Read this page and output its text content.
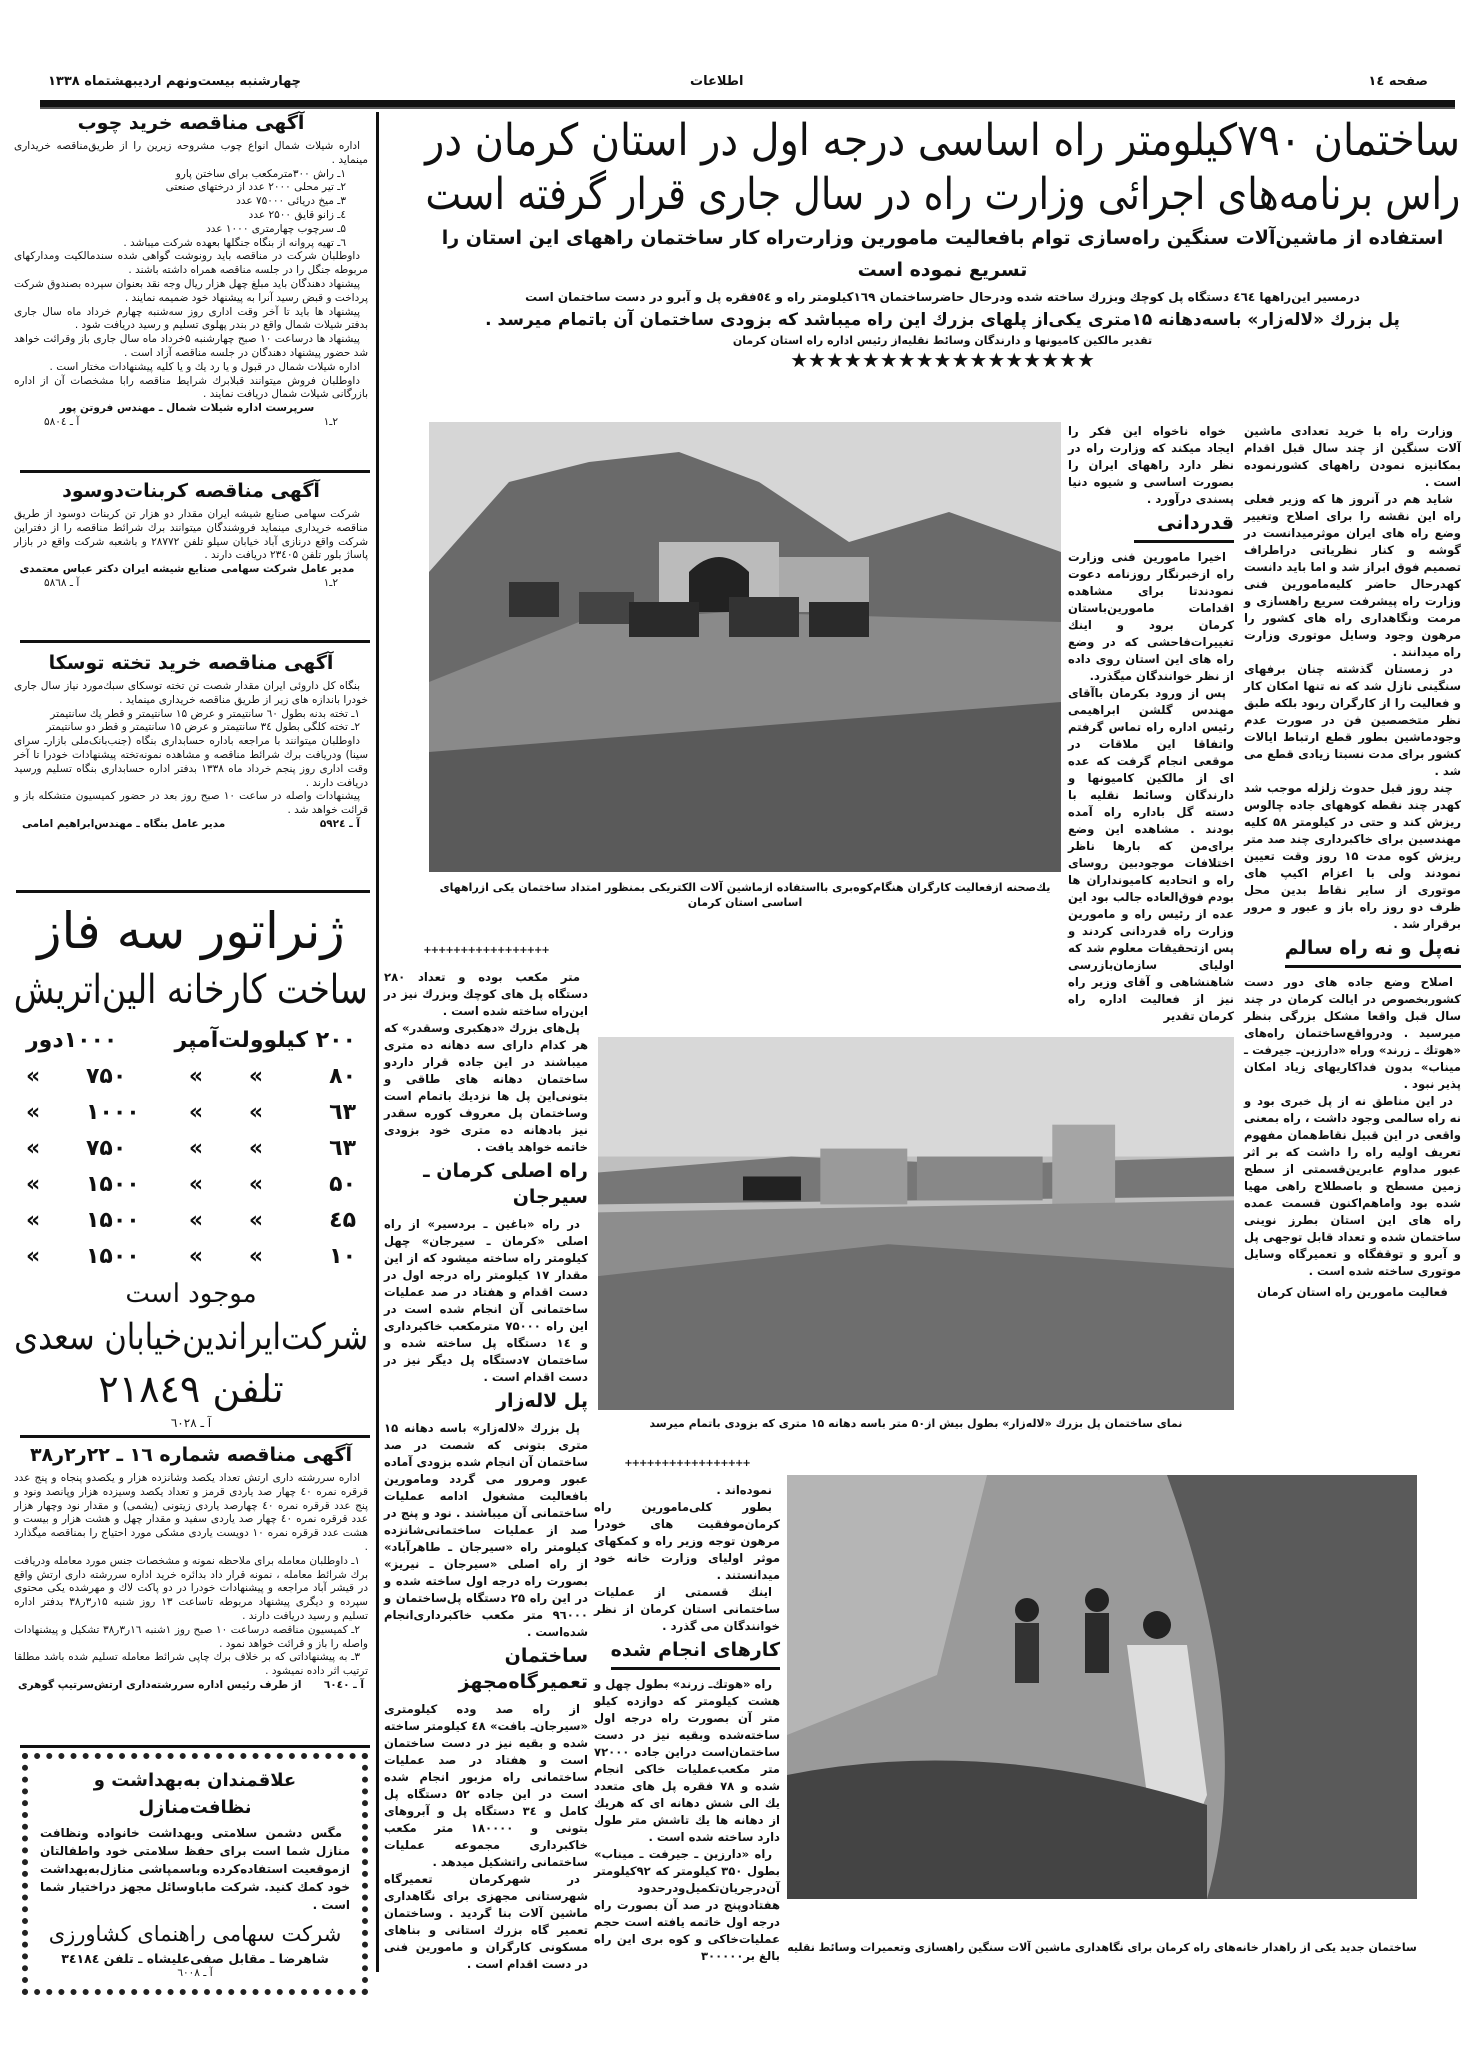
صفحه ١٤
اطلاعات
چهارشنبه بیست‌ونهم اردیبهشتماه ۱۳۳۸
ساختمان ۷۹۰کیلومتر راه اساسی درجه اول در استان کرمان در
راس برنامه‌های اجرائی وزارت راه در سال جاری قرار گرفته است
استفاده از ماشین‌آلات سنگین راه‌سازی توام بافعالیت مامورین وزارت‌راه کار ساختمان راههای این استان را
تسریع نموده است
درمسیر این‌راهها ٤٦٤ دستگاه پل کوچك وبزرك ساخته شده ودرحال حاضرساختمان ۱٦۹کیلومتر راه و ٥٤فقره پل و آبرو در دست ساختمان است
پل بزرك «لاله‌زار» باسه‌دهانه ۱۵متری یکی‌از پلهای بزرك این راه میباشد که بزودی ساختمان آن باتمام میرسد .
تقدیر مالکین کامیونها و دارندگان وسائط نقلیه‌از رئیس اداره راه استان کرمان
★★★★★★★★★★★★★★★★★
یك‌صحنه ازفعالیت کارگران هنگام‌کوه‌بری بااستفاده ازماشین آلات الکتریکی بمنظور امتداد ساختمان یکی ازراههای اساسی استان کرمان

خواه ناخواه این فکر را ایجاد میکند که وزارت راه در نظر دارد راههای ایران را بصورت اساسی و شیوه دنیا پسندی درآورد .

قدردانی

اخیرا مامورین فنی وزارت راه ازخبرنگار روزنامه دعوت نمودندتا برای مشاهده اقدامات مامورین‌باستان کرمان برود و اینك تغییرات‌فاحشی که در وضع راه های این استان روی داده از نظر خوانندگان میگذرد.

پس از ورود بکرمان باآقای مهندس گلشن ابراهیمی رئیس اداره راه تماس گرفتم واتفاقا این ملاقات در موقعی انجام گرفت که عده ای از مالکین کامیونها و دارندگان وسائط نقلیه با دسته گل باداره راه آمده بودند . مشاهده این وضع برای‌من که بارها ناظر اختلافات موجودبین روسای راه و اتحادیه کامیونداران ها بودم فوق‌العاده جالب بود این عده از رئیس راه و مامورین وزارت راه قدردانی کردند و پس ازتحقیقات معلوم شد که اولیای سازمان‌بازرسی شاهنشاهی و آقای وزیر راه نیز از فعالیت اداره راه کرمان تقدیر

وزارت راه با خرید تعدادی ماشین آلات سنگین از چند سال قبل اقدام بمکانیزه نمودن راههای کشورنموده است .

شاید هم در آنروز ها که وزیر فعلی راه این نقشه را برای اصلاح وتغییر وضع راه های ایران موثرمیدانست در گوشه و کنار نظریاتی دراطراف تصمیم فوق ابراز شد و اما باید دانست کهدرحال حاضر کلیه‌مامورین فنی وزارت راه پیشرفت سریع راهسازی و مرمت ونگاهداری راه های کشور را مرهون وجود وسایل موتوری وزارت راه میدانند .

در زمستان گذشته چنان برفهای سنگینی نازل شد که نه تنها امکان کار و فعالیت را از کارگران ربود بلکه طبق نظر متخصصین فن در صورت عدم وجودماشین بطور قطع ارتباط ایالات کشور برای مدت نسبتا زیادی قطع می شد .

چند روز قبل حدوث زلزله موجب شد کهدر چند نقطه کوههای جاده چالوس ریزش کند و حتی در کیلومتر ۵۸ کلیه مهندسین برای خاکبرداری چند صد متر ریزش کوه مدت ۱۵ روز وقت تعیین نمودند ولی با اعزام اکیپ های موتوری از سایر نقاط بدین محل ظرف دو روز راه باز و عبور و مرور برقرار شد .

نه‌پل و نه راه سالم

اصلاح وضع جاده های دور دست کشوربخصوص در ایالت کرمان در چند سال قبل واقعا مشکل بزرگی بنظر میرسید . ودرواقع‌ساختمان راه‌های «هوتك ـ زرند» وراه «دارزین‌ـ جیرفت ـ میناب» بدون فداکاریهای زیاد امکان پذیر نبود .

در این مناطق نه از پل خبری بود و نه راه سالمی وجود داشت ، راه بمعنی واقعی در این قبیل نقاط‌همان مفهوم تعریف اولیه راه را داشت که بر اثر عبور مداوم عابرین‌قسمتی از سطح زمین مسطح و باصطلاح راهی مهیا شده بود واماهم‌اکنون قسمت عمده راه های این استان بطرز نوینی ساختمان شده و تعداد قابل توجهی پل و آبرو و توقفگاه و تعمیرگاه وسایل موتوری ساخته شده است .

فعالیت مامورین راه استان کرمان

نمای ساختمان پل بزرك «لاله‌زار» بطول بیش از۵۰ متر باسه دهانه ۱۵ متری که بزودی باتمام میرسد
+++++++++++++++++

متر مکعب بوده و تعداد ۲۸۰ دستگاه پل های کوچك وبزرك نیز در این‌راه ساخته شده است .

پل‌های بزرك «دهکبری وسقدر» که هر کدام دارای سه دهانه ده متری میباشند در این جاده قرار داردو ساختمان دهانه های طاقی و بتونی‌این پل ها نزدیك باتمام است وساختمان پل معروف کوره سقدر نیز بادهانه ده متری خود بزودی خاتمه خواهد یافت .

راه اصلی کرمان ـ سیرجان

در راه «باغین ـ بردسیر» از راه اصلی «کرمان ـ سیرجان» چهل کیلومتر راه ساخته میشود که از این مقدار ۱۷ کیلومتر راه درجه اول در دست اقدام و هفتاد در صد عملیات ساختمانی آن انجام شده است در این راه ۷۵۰۰۰ مترمکعب خاکبرداری و ۱٤ دستگاه پل ساخته شده و ساختمان ۷دستگاه پل دیگر نیز در دست اقدام است .

پل لاله‌زار

پل بزرك «لاله‌زار» باسه دهانه ۱۵ متری بتونی که شصت در صد ساختمان آن انجام شده بزودی آماده عبور ومرور می گردد ومامورین بافعالیت مشغول ادامه عملیات ساختمانی آن میباشند . نود و پنج در صد از عملیات ساختمانی‌شانزده کیلومتر راه «سیرجان ـ طاهرآباد» از راه اصلی «سیرجان ـ نیریز» بصورت راه درجه اول ساخته شده و در این راه ۲۵ دستگاه پل‌ساختمان و ۹٦۰۰۰ متر مکعب خاکبرداری‌انجام شده‌است .

ساختمان تعمیرگاه‌مجهز

از راه صد وده کیلومتری «سیرجان‌ـ بافت» ٤۸ کیلومتر ساخته شده و بقیه نیز در دست ساختمان است و هفتاد در صد عملیات ساختمانی راه مزبور انجام شده است در این جاده ۵۲ دستگاه پل کامل و ۳٤ دستگاه پل و آبروهای بتونی و ۱۸۰۰۰۰ متر مکعب خاکبرداری مجموعه عملیات ساختمانی راتشکیل میدهد .

در شهرکرمان تعمیرگاه شهرستانی مجهزی برای نگاهداری ماشین آلات بنا گردید . وساختمان تعمیر گاه بزرك استانی و بناهای مسکونی کارگران و مامورین فنی در دست اقدام است .

+++++++++++++++++

نموده‌اند .

بطور کلی‌مامورین راه کرمان‌موفقیت های خودرا مرهون توجه وزیر راه و کمکهای موثر اولیای وزارت خانه خود میدانستند .

اینك قسمتی از عملیات ساختمانی استان کرمان از نظر خوانندگان می گذرد .

کارهای انجام شده

راه «هوتك‌ـ زرند» بطول چهل و هشت کیلومتر که دوازده کیلو متر آن بصورت راه درجه اول ساخته‌شده وبقیه نیز در دست ساختمان‌است دراین جاده ۷۲۰۰۰ متر مکعب‌عملیات خاکی انجام شده و ۷۸ فقره پل های متعدد یك الی شش دهانه ای که هریك از دهانه ها یك تاشش متر طول دارد ساخته شده است .

راه «دارزین ـ جیرفت ـ میناب» بطول ۳۵۰ کیلومتر که ۹۲کیلومتر آن‌درجریان‌تکمیل‌ودرحدود هفتادوپنج در صد آن بصورت راه درجه اول خاتمه یافته است حجم عملیات‌خاکی و کوه بری این راه بالغ بر۳۰۰۰۰۰

ساختمان جدید یکی از راهدار خانه‌های راه کرمان برای نگاهداری ماشین آلات سنگین راهسازی وتعمیرات وسائط نقلیه
آگهی مناقصه خرید چوب

اداره شیلات شمال انواع چوب مشروحه زیرین را از طریق‌مناقصه خریداری مینماید .

۱ـ راش ۳۰۰مترمکعب برای ساختن پارو

۲ـ تیر محلی ۲۰۰۰ عدد از درختهای صنعتی

۳ـ میخ دریائی ۷۵۰۰۰ عدد

٤ـ زانو قایق ۲۵۰۰ عدد

۵ـ سرچوب چهارمتری ۱۰۰۰ عدد

٦ـ تهیه پروانه از بنگاه جنگلها بعهده شرکت میباشد .

داوطلبان شرکت در مناقصه باید رونوشت گواهی شده سندمالکیت ومدارکهای مربوطه جنگل را در جلسه مناقصه همراه داشته باشند .

پیشنهاد دهندگان باید مبلغ چهل هزار ریال وجه نقد بعنوان سپرده بصندوق شرکت پرداخت و قبض رسید آنرا به پیشنهاد خود ضمیمه نمایند .

پیشنهاد ها باید تا آخر وقت اداری روز سه‌شنبه چهارم خرداد ماه سال جاری بدفتر شیلات شمال واقع در بندر پهلوی تسلیم و رسید دریافت شود .

پیشنهاد ها درساعت ۱۰ صبح چهارشنبه ۵خرداد ماه سال جاری باز وقرائت خواهد شد حضور پیشنهاد دهندگان در جلسه مناقصه آزاد است .

اداره شیلات شمال در قبول و یا رد یك و یا کلیه پیشنهادات مختار است .

داوطلبان فروش میتوانند قبلابرك شرایط مناقصه رابا مشخصات آن از اداره بازرگانی شیلات شمال دریافت نمایند .

سرپرست اداره شیلات شمال ـ مهندس فروتن پور

۲ـ۱
آ ـ ۵۸۰٤
آگهی مناقصه کربنات‌دوسود

شرکت سهامی صنایع شیشه ایران مقدار دو هزار تن کربنات دوسود از طریق مناقصه خریداری مینماید فروشندگان میتوانند برك شرائط مناقصه را از دفتراین شرکت واقع درنازی آباد خیابان سیلو تلفن ۲۸۷۷۲ و باشعبه شرکت واقع در بازار پاساژ بلور تلفن ۲۳٤۰۵ دریافت دارند .

مدیر عامل شرکت سهامی صنایع شیشه ایران دکتر عباس معتمدی

۲ـ۱
آ ـ ۵۸٦۸
آگهی مناقصه خرید تخته توسکا

بنگاه کل داروئی ایران مقدار شصت تن تخته توسکای سبك‌مورد نیاز سال جاری خودرا باندازه های زیر از طریق مناقصه خریداری مینماید .

۱ـ تخته بدنه بطول ٦۰ سانتیمتر و عرض ۱۵ سانتیمتر و قطر یك سانتیمتر

۲ـ تخته کلگی بطول ۳٤ سانتیمتر و عرض ۱۵ سانتیمتر و قطر دو سانتیمتر

داوطلبان میتوانند با مراجعه باداره حسابداری بنگاه (جنب‌بانک‌ملی بازارـ سرای سینا) ودریافت برك شرائط مناقصه و مشاهده نمونه‌تخته پیشنهادات خودرا تا آخر وقت اداری روز پنجم خرداد ماه ۱۳۳۸ بدفتر اداره حسابداری بنگاه تسلیم ورسید دریافت دارند .

پیشنهادات واصله در ساعت ۱۰ صبح روز بعد در حضور کمیسیون متشکله باز و قرائت خواهد شد .

آ ـ ۵۹۲٤
مدیر عامل بنگاه ـ مهندس‌ابراهیم امامی
ژنراتور سه فاز
ساخت کارخانه الین‌اتریش
۲۰۰ کیلوولت‌آمپر
۱۰۰۰دور
۸۰
»
»
۷۵۰
»
٦۳
»
»
۱۰۰۰
»
٦۳
»
»
۷۵۰
»
۵۰
»
»
۱۵۰۰
»
٤۵
»
»
۱۵۰۰
»
۱۰
»
»
۱۵۰۰
»
موجود است
شرکت‌ایراندین‌خیابان سعدی
تلفن ۲۱۸٤۹
آ ـ ٦۰۲۸
آگهی مناقصه شماره ۱٦ ـ ۲۲ر۲ر۳۸

اداره سررشته داری ارتش تعداد یکصد وشانزده هزار و یکصدو پنجاه و پنج عدد قرقره نمره ٤۰ چهار صد یاردی قرمز و تعداد یکصد وسیزده هزار وپانصد ونود و پنج عدد قرقره نمره ٤۰ چهارصد یاردی زیتونی (یشمی) و مقدار نود وچهار هزار عدد قرقره نمره ٤۰ چهار صد یاردی سفید و مقدار چهل و هشت هزار و بیست و هشت عدد قرقره نمره ۱۰ دویست یاردی مشکی مورد احتیاج را بمناقصه میگذارد .

۱ـ داوطلبان معامله برای ملاحظه نمونه و مشخصات جنس مورد معامله ودریافت برك شرائط معامله ، نمونه قرار داد بدائره خرید اداره سررشته داری ارتش واقع در قیشر آباد مراجعه و پیشنهادات خودرا در دو پاکت لاك و مهرشده یکی محتوی سپرده و دیگری پیشنهاد مربوطه تاساعت ۱۳ روز شنبه ۱۵ر۳ر۳۸ بدفتر اداره تسلیم و رسید دریافت دارند .

۲ـ کمیسیون مناقصه درساعت ۱۰ صبح روز ۱شنبه ۱٦ر۳ر۳۸ تشکیل و پیشنهادات واصله را باز و قرائت خواهد نمود .

۳ـ به پیشنهاداتی که بر خلاف برك چاپی شرائط معامله تسلیم شده باشد مطلقا ترتیب اثر داده نمیشود .

آ ـ ٦۰٤۰
از طرف رئیس اداره سررشته‌داری ارتش‌سرتیپ گوهری
علاقمندان به‌بهداشت و نظافت‌منازل

مگس دشمن سلامتی وبهداشت خانواده ونظافت منازل شما است برای حفظ سلامتی خود واطفالتان ازموقعیت استفاده‌کرده وباسمپاشی منازل‌به‌بهداشت خود کمك کنید. شرکت ماباوسائل مجهز دراختیار شما است .

شرکت سهامی راهنمای کشاورزی
شاهرضا ـ مقابل صفی‌علیشاه ـ تلفن ۳٤۱۸٤
آ ـ ٦۰۰۸
